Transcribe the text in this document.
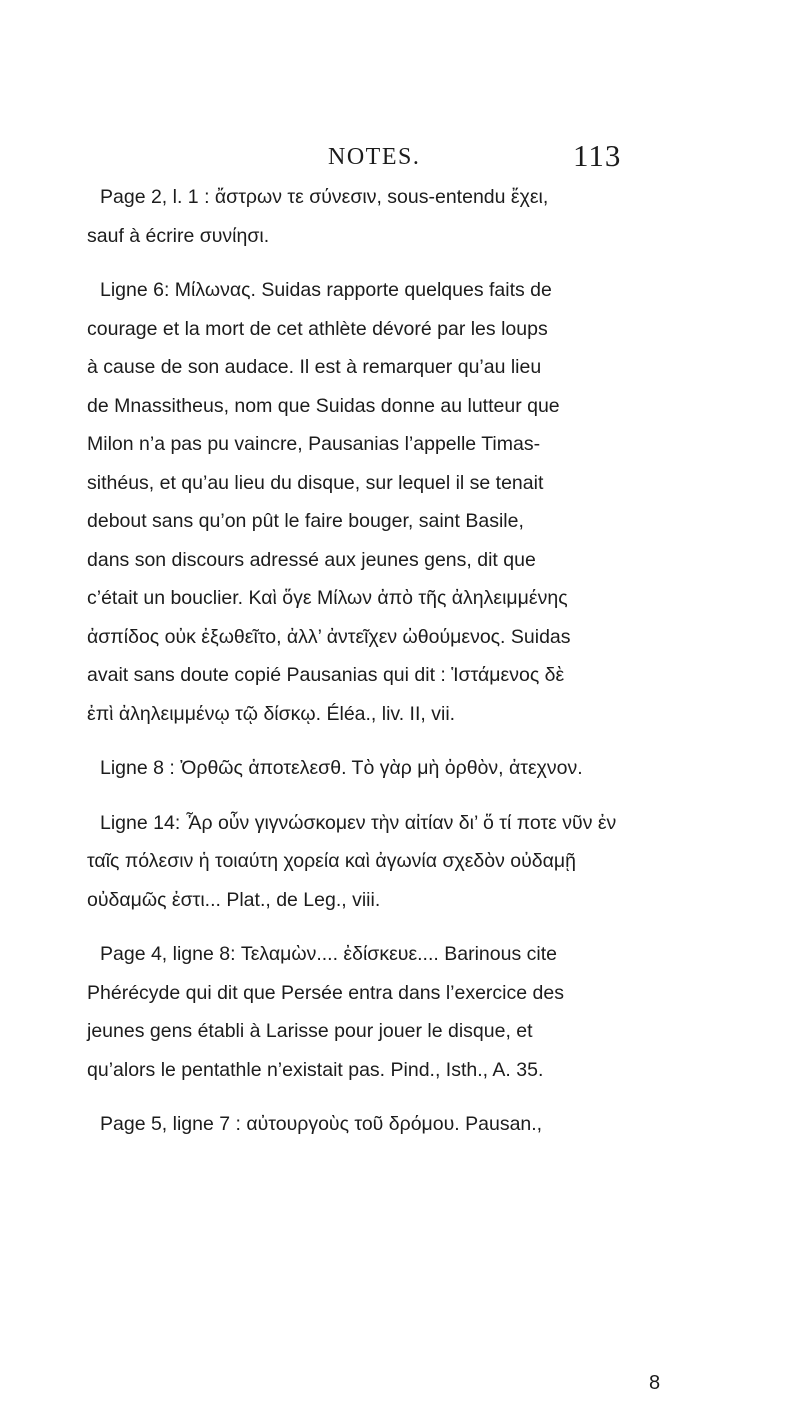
NOTES.	113
Page 2, l. 1 : ἄστρων τε σύνεσιν, sous-entendu ἔχει,
sauf à écrire συνίησι.
Ligne 6: Μίλωνας. Suidas rapporte quelques faits de
courage et la mort de cet athlète dévoré par les loups
à cause de son audace. Il est à remarquer qu’au lieu
de Mnassitheus, nom que Suidas donne au lutteur que
Milon n’a pas pu vaincre, Pausanias l’appelle Timas-
sithéus, et qu’au lieu du disque, sur lequel il se tenait
debout sans qu’on pût le faire bouger, saint Basile,
dans son discours adressé aux jeunes gens, dit que
c’était un bouclier. Καὶ ὅγε Μίλων ἀπὸ τῆς ἀληλειμμένης
ἀσπίδος οὐκ ἐξωθεῖτο, ἀλλ’ ἀντεῖχεν ὠθούμενος. Suidas
avait sans doute copié Pausanias qui dit : Ἱστάμενος δὲ
ἐπὶ ἀληλειμμένῳ τῷ δίσκῳ. Éléa., liv. II, vii.
Ligne 8 : Ὀρθῶς ἀποτελεσθ. Τὸ γὰρ μὴ ὀρθὸν, ἀτεχνον.
Ligne 14: Ἆρ οὖν γιγνώσκομεν τὴν αἰτίαν δι’ ὅ τί ποτε νῦν ἐν
ταῖς πόλεσιν ἡ τοιαύτη χορεία καὶ ἀγωνία σχεδὸν οὐδαμῇ
οὐδαμῶς ἐστι... Plat., de Leg., viii.
Page 4, ligne 8: Τελαμὼν.... ἐδίσκευε.... Barinous cite
Phérécyde qui dit que Persée entra dans l’exercice des
jeunes gens établi à Larisse pour jouer le disque, et
qu’alors le pentathle n’existait pas. Pind., Isth., A. 35.
Page 5, ligne 7 : αὐτουργοὺς τοῦ δρόμου. Pausan.,
8
